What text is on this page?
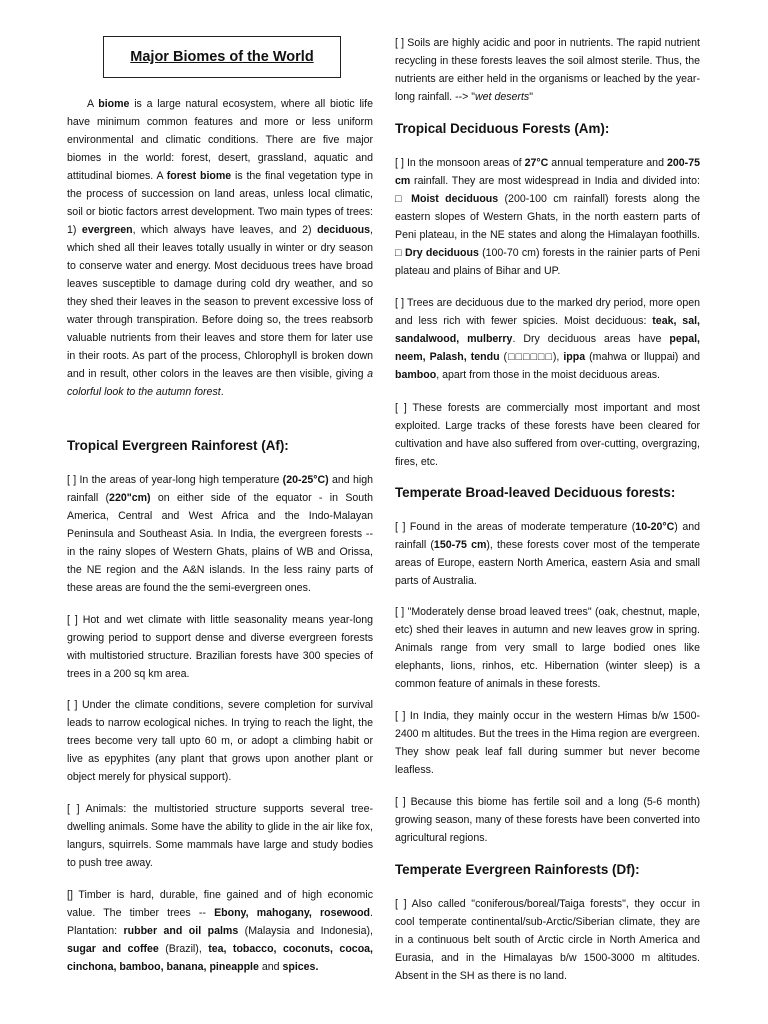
Major Biomes of the World

A biome is a large natural ecosystem, where all biotic life have minimum common features and more or less uniform environmental and climatic conditions. There are five major biomes in the world: forest, desert, grassland, aquatic and attitudinal biomes. A forest biome is the final vegetation type in the process of succession on land areas, unless local climatic, soil or biotic factors arrest development. Two main types of trees: 1) evergreen, which always have leaves, and 2) deciduous, which shed all their leaves totally usually in winter or dry season to conserve water and energy. Most deciduous trees have broad leaves susceptible to damage during cold dry weather, and so they shed their leaves in the season to prevent excessive loss of water through transpiration. Before doing so, the trees reabsorb valuable nutrients from their leaves and store them for later use in their roots. As part of the process, Chlorophyll is broken down and in result, other colors in the leaves are then visible, giving a colorful look to the autumn forest.

Tropical Evergreen Rainforest (Af):

[ ] In the areas of year-long high temperature (20-25°C) and high rainfall (220"cm) on either side of the equator - in South America, Central and West Africa and the Indo-Malayan Peninsula and Southeast Asia. In India, the evergreen forests -- in the rainy slopes of Western Ghats, plains of WB and Orissa, the NE region and the A&N islands. In the less rainy parts of these areas are found the the semi-evergreen ones.

[ ] Hot and wet climate with little seasonality means year-long growing period to support dense and diverse evergreen forests with multistoried structure. Brazilian forests have 300 species of trees in a 200 sq km area.

[ ] Under the climate conditions, severe completion for survival leads to narrow ecological niches. In trying to reach the light, the trees become very tall upto 60 m, or adopt a climbing habit or live as epyphites (any plant that grows upon another plant or object merely for physical support).

[ ] Animals: the multistoried structure supports several tree-dwelling animals. Some have the ability to glide in the air like fox, langurs, squirrels. Some mammals have large and study bodies to push tree away.

[] Timber is hard, durable, fine gained and of high economic value. The timber trees -- Ebony, mahogany, rosewood. Plantation: rubber and oil palms (Malaysia and Indonesia), sugar and coffee (Brazil), tea, tobacco, coconuts, cocoa, cinchona, bamboo, banana, pineapple and spices.

[ ] Soils are highly acidic and poor in nutrients. The rapid nutrient recycling in these forests leaves the soil almost sterile. Thus, the nutrients are either held in the organisms or leached by the year-long rainfall. --> "wet deserts"

Tropical Deciduous Forests (Am):

[ ] In the monsoon areas of 27°C annual temperature and 200-75 cm rainfall. They are most widespread in India and divided into: □ Moist deciduous (200-100 cm rainfall) forests along the eastern slopes of Western Ghats, in the north eastern parts of Peni plateau, in the NE states and along the Himalayan foothills. □ Dry deciduous (100-70 cm) forests in the rainier parts of Peni plateau and plains of Bihar and UP.

[ ] Trees are deciduous due to the marked dry period, more open and less rich with fewer spicies. Moist deciduous: teak, sal, sandalwood, mulberry. Dry deciduous areas have pepal, neem, Palash, tendu (□□□□□□), ippa (mahwa or lluppai) and bamboo, apart from those in the moist deciduous areas.

[ ] These forests are commercially most important and most exploited. Large tracks of these forests have been cleared for cultivation and have also suffered from over-cutting, overgrazing, fires, etc.

Temperate Broad-leaved Deciduous forests:

[ ] Found in the areas of moderate temperature (10-20°C) and rainfall (150-75 cm), these forests cover most of the temperate areas of Europe, eastern North America, eastern Asia and small parts of Australia.

[ ] "Moderately dense broad leaved trees" (oak, chestnut, maple, etc) shed their leaves in autumn and new leaves grow in spring. Animals range from very small to large bodied ones like elephants, lions, rinhos, etc. Hibernation (winter sleep) is a common feature of animals in these forests.

[ ] In India, they mainly occur in the western Himas b/w 1500-2400 m altitudes. But the trees in the Hima region are evergreen. They show peak leaf fall during summer but never become leafless.

[ ] Because this biome has fertile soil and a long (5-6 month) growing season, many of these forests have been converted into agricultural regions.

Temperate Evergreen Rainforests (Df):

[ ] Also called "coniferous/boreal/Taiga forests", they occur in cool temperate continental/sub-Arctic/Siberian climate, they are in a continuous belt south of Arctic circle in North America and Eurasia, and in the Himalayas b/w 1500-3000 m altitudes. Absent in the SH as there is no land.
